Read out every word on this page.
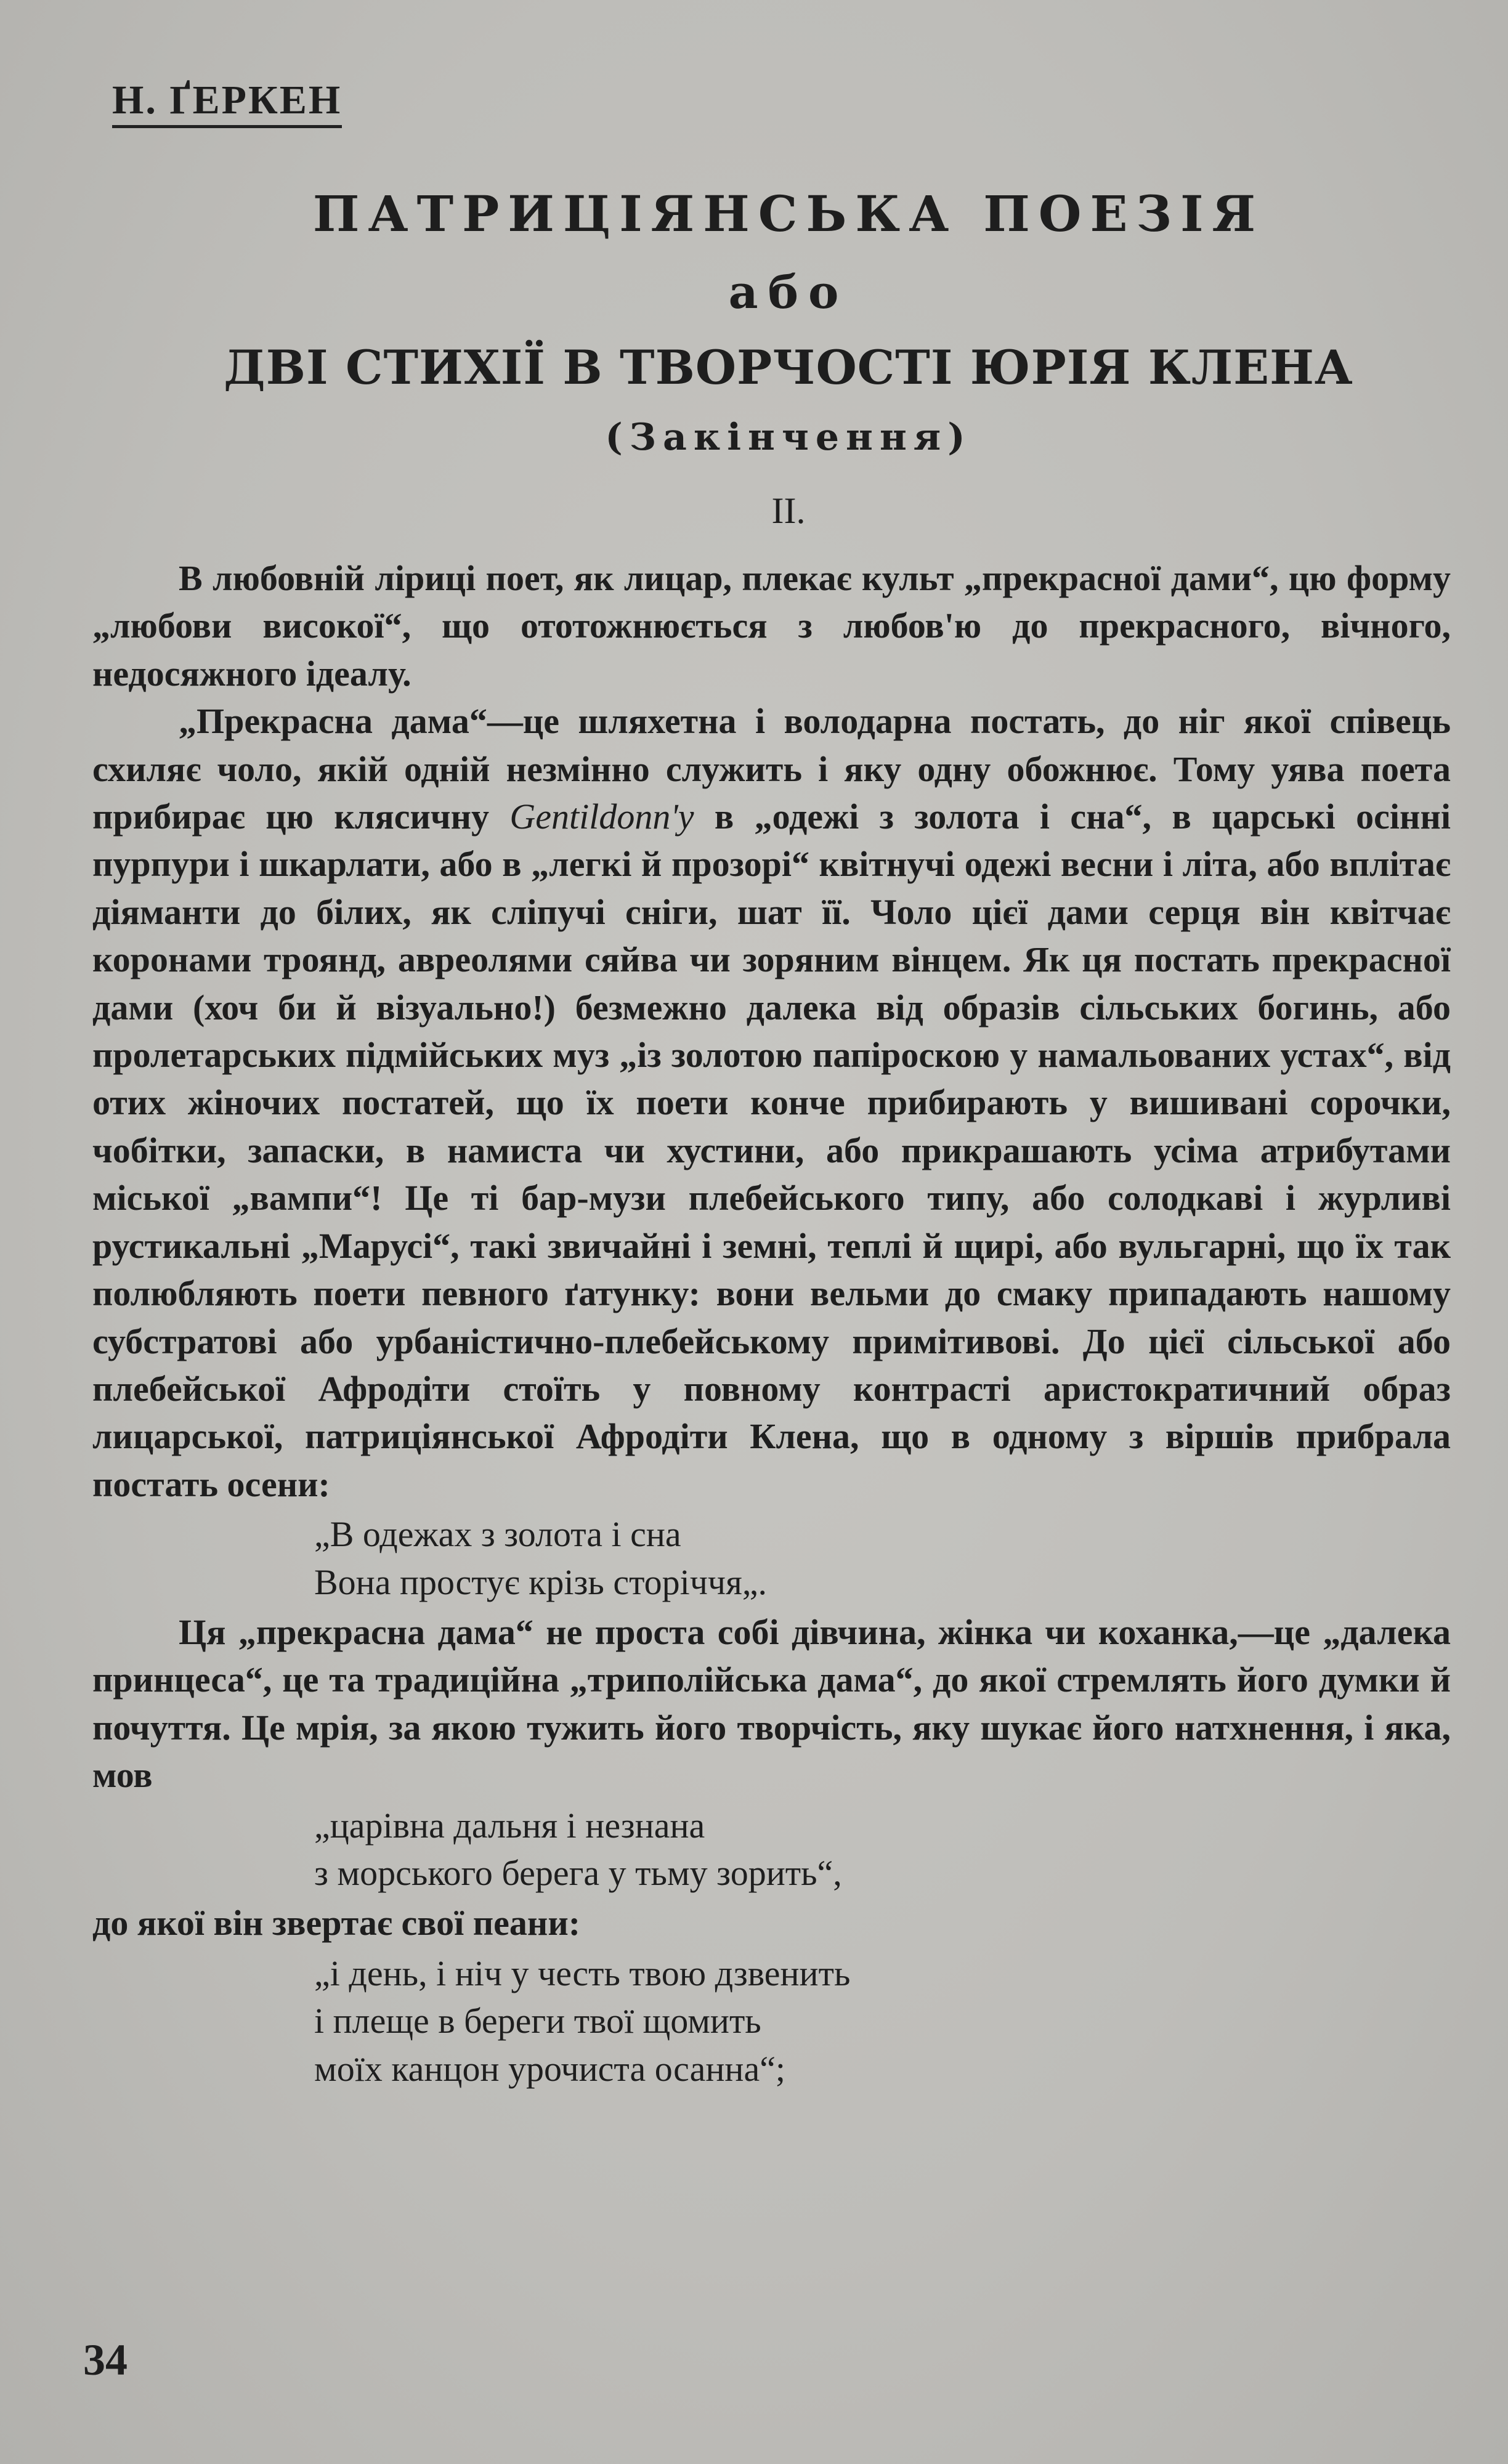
Н. ҐЕРКЕН
ПАТРИЦІЯНСЬКА ПОЕЗІЯ
або
ДВІ СТИХІЇ В ТВОРЧОСТІ ЮРІЯ КЛЕНА
(Закінчення)
II.

В любовній ліриці поет, як лицар, плекає культ „прекрасної дами“, цю форму „любови високої“, що ототожнюється з любов'ю до прекрасного, вічного, недосяжного ідеалу.

„Прекрасна дама“—це шляхетна і володарна постать, до ніг якої співець схиляє чоло, якій одній незмінно служить і яку одну обожнює. Тому уява поета прибирає цю клясичну Gentildonn'y в „одежі з золота і сна“, в царські осінні пурпури і шкарлати, або в „легкі й прозорі“ квітнучі одежі весни і літа, або вплітає діяманти до білих, як сліпучі сніги, шат її. Чоло цієї дами серця він квітчає коронами троянд, авреолями сяйва чи зоряним вінцем. Як ця постать прекрасної дами (хоч би й візуально!) безмежно далека від образів сільських богинь, або пролетарських підмійських муз „із золотою папіроскою у намальованих устах“, від отих жіночих постатей, що їх поети конче прибирають у вишивані сорочки, чобітки, запаски, в намиста чи хустини, або прикрашають усіма атрибутами міської „вампи“! Це ті бар-музи плебейського типу, або солодкаві і журливі рустикальні „Марусі“, такі звичайні і земні, теплі й щирі, або вульгарні, що їх так полюбляють поети певного ґатунку: вони вельми до смаку припадають нашому субстратові або урбаністично-плебейському примітивові. До цієї сільської або плебейської Афродіти стоїть у повному контрасті аристократичний образ лицарської, патриціянської Афродіти Клена, що в одному з віршів прибрала постать осени:

„В одежах з золота і сна
Вона простує крізь сторіччя„.

Ця „прекрасна дама“ не проста собі дівчина, жінка чи коханка,—це „далека принцеса“, це та традиційна „триполійська дама“, до якої стремлять його думки й почуття. Це мрія, за якою тужить його творчість, яку шукає його натхнення, і яка, мов

„царівна дальня і незнана
з морського берега у тьму зорить“,

до якої він звертає свої пеани:

„і день, і ніч у честь твою дзвенить
і плеще в береги твої щомить
моїх канцон урочиста осанна“;
34
